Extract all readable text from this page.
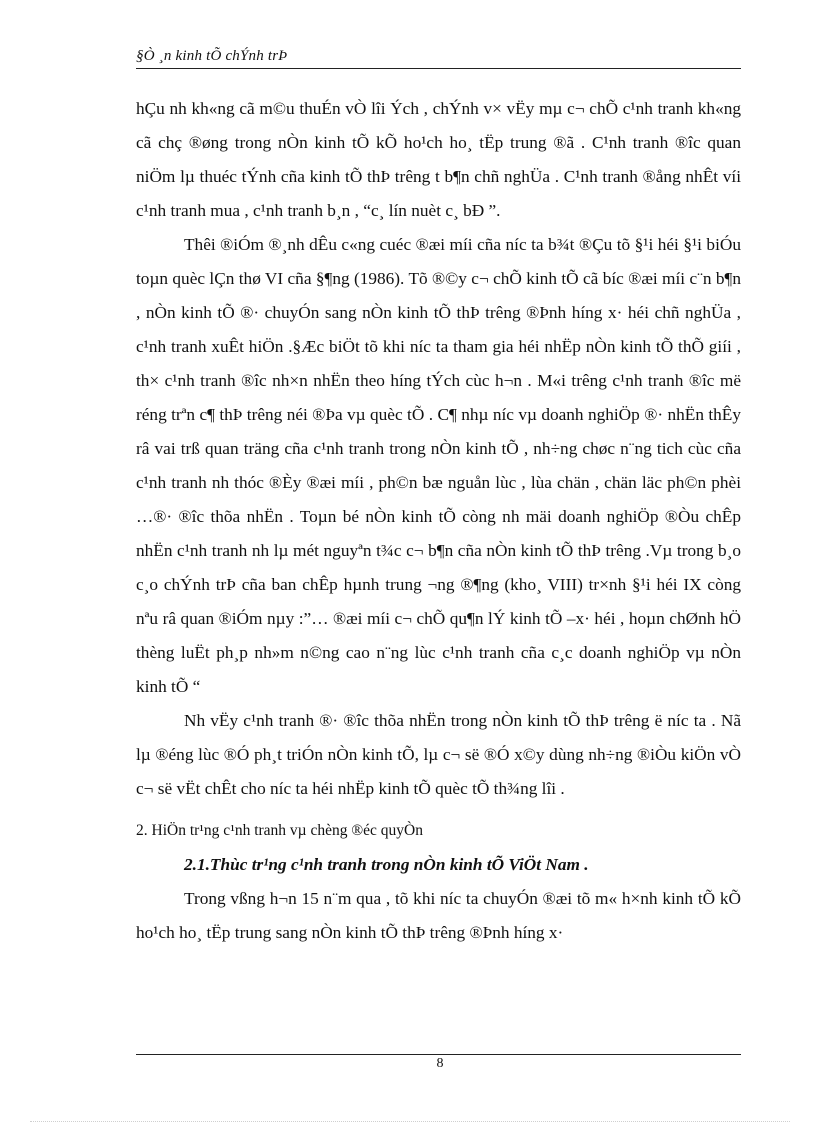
§Ò ¸n kinh tÕ chÝnh trÞ

hÇu nh kh«ng cã m©u thuÉn vÒ lîi Ých , chÝnh v× vËy mµ c¬ chÕ c¹nh tranh kh«ng cã chç ®øng trong nÒn kinh tÕ kÕ ho¹ch ho¸ tËp trung ®ã . C¹nh tranh ®îc quan niÖm lµ thuéc tÝnh cña kinh tÕ thÞ trêng t b¶n chñ nghÜa . C¹nh tranh ®ång nhÊt víi c¹nh tranh mua , c¹nh tranh b¸n , “c¸ lín nuèt c¸ bÐ ”.

Thêi ®iÓm ®¸nh dÊu c«ng cuéc ®æi míi cña níc ta b¾t ®Çu tõ §¹i héi §¹i biÓu toµn quèc lÇn thø VI cña §¶ng (1986). Tõ ®©y c¬ chÕ kinh tÕ cã bíc ®æi míi c¨n b¶n , nÒn kinh tÕ ®· chuyÓn sang nÒn kinh tÕ thÞ trêng ®Þnh híng x· héi chñ nghÜa , c¹nh tranh xuÊt hiÖn .§Æc biÖt tõ khi níc ta tham gia héi nhËp nÒn kinh tÕ thÕ giíi , th× c¹nh tranh ®îc nh×n nhËn theo híng tÝch cùc h¬n . M«i trêng c¹nh tranh ®îc më réng trªn c¶ thÞ trêng néi ®Þa vµ quèc tÕ . C¶ nhµ níc vµ doanh nghiÖp ®· nhËn thÊy râ vai trß quan träng cña c¹nh tranh trong nÒn kinh tÕ , nh÷ng chøc n¨ng tich cùc cña c¹nh tranh nh thóc ®Èy ®æi míi , ph©n bæ nguån lùc , lùa chän , chän läc ph©n phèi …®· ®îc thõa nhËn . Toµn bé nÒn kinh tÕ còng nh mäi doanh nghiÖp ®Òu chÊp nhËn c¹nh tranh nh lµ mét nguyªn t¾c c¬ b¶n cña nÒn kinh tÕ thÞ trêng .Vµ trong b¸o c¸o chÝnh trÞ cña ban chÊp hµnh trung ¬ng ®¶ng (kho¸ VIII) tr×nh §¹i héi IX còng nªu râ quan ®iÓm nµy :”… ®æi míi c¬ chÕ qu¶n lÝ kinh tÕ –x· héi , hoµn chØnh hÖ thèng luËt ph¸p nh»m n©ng cao n¨ng lùc c¹nh tranh cña c¸c doanh nghiÖp vµ nÒn kinh tÕ “

Nh vËy c¹nh tranh ®· ®îc thõa nhËn trong nÒn kinh tÕ thÞ trêng ë níc ta . Nã lµ ®éng lùc ®Ó ph¸t triÓn nÒn kinh tÕ, lµ c¬ së ®Ó x©y dùng nh÷ng ®iÒu kiÖn vÒ c¬ së vËt chÊt cho níc ta héi nhËp kinh tÕ quèc tÕ th¾ng lîi .

2. HiÖn tr¹ng c¹nh tranh vµ chèng ®éc quyÒn

2.1.Thùc tr¹ng c¹nh tranh trong nÒn kinh tÕ ViÖt Nam .

Trong vßng h¬n 15 n¨m qua , tõ khi níc ta chuyÓn ®æi tõ m« h×nh kinh tÕ kÕ ho¹ch ho¸ tËp trung sang nÒn kinh tÕ thÞ trêng ®Þnh híng x·

8
